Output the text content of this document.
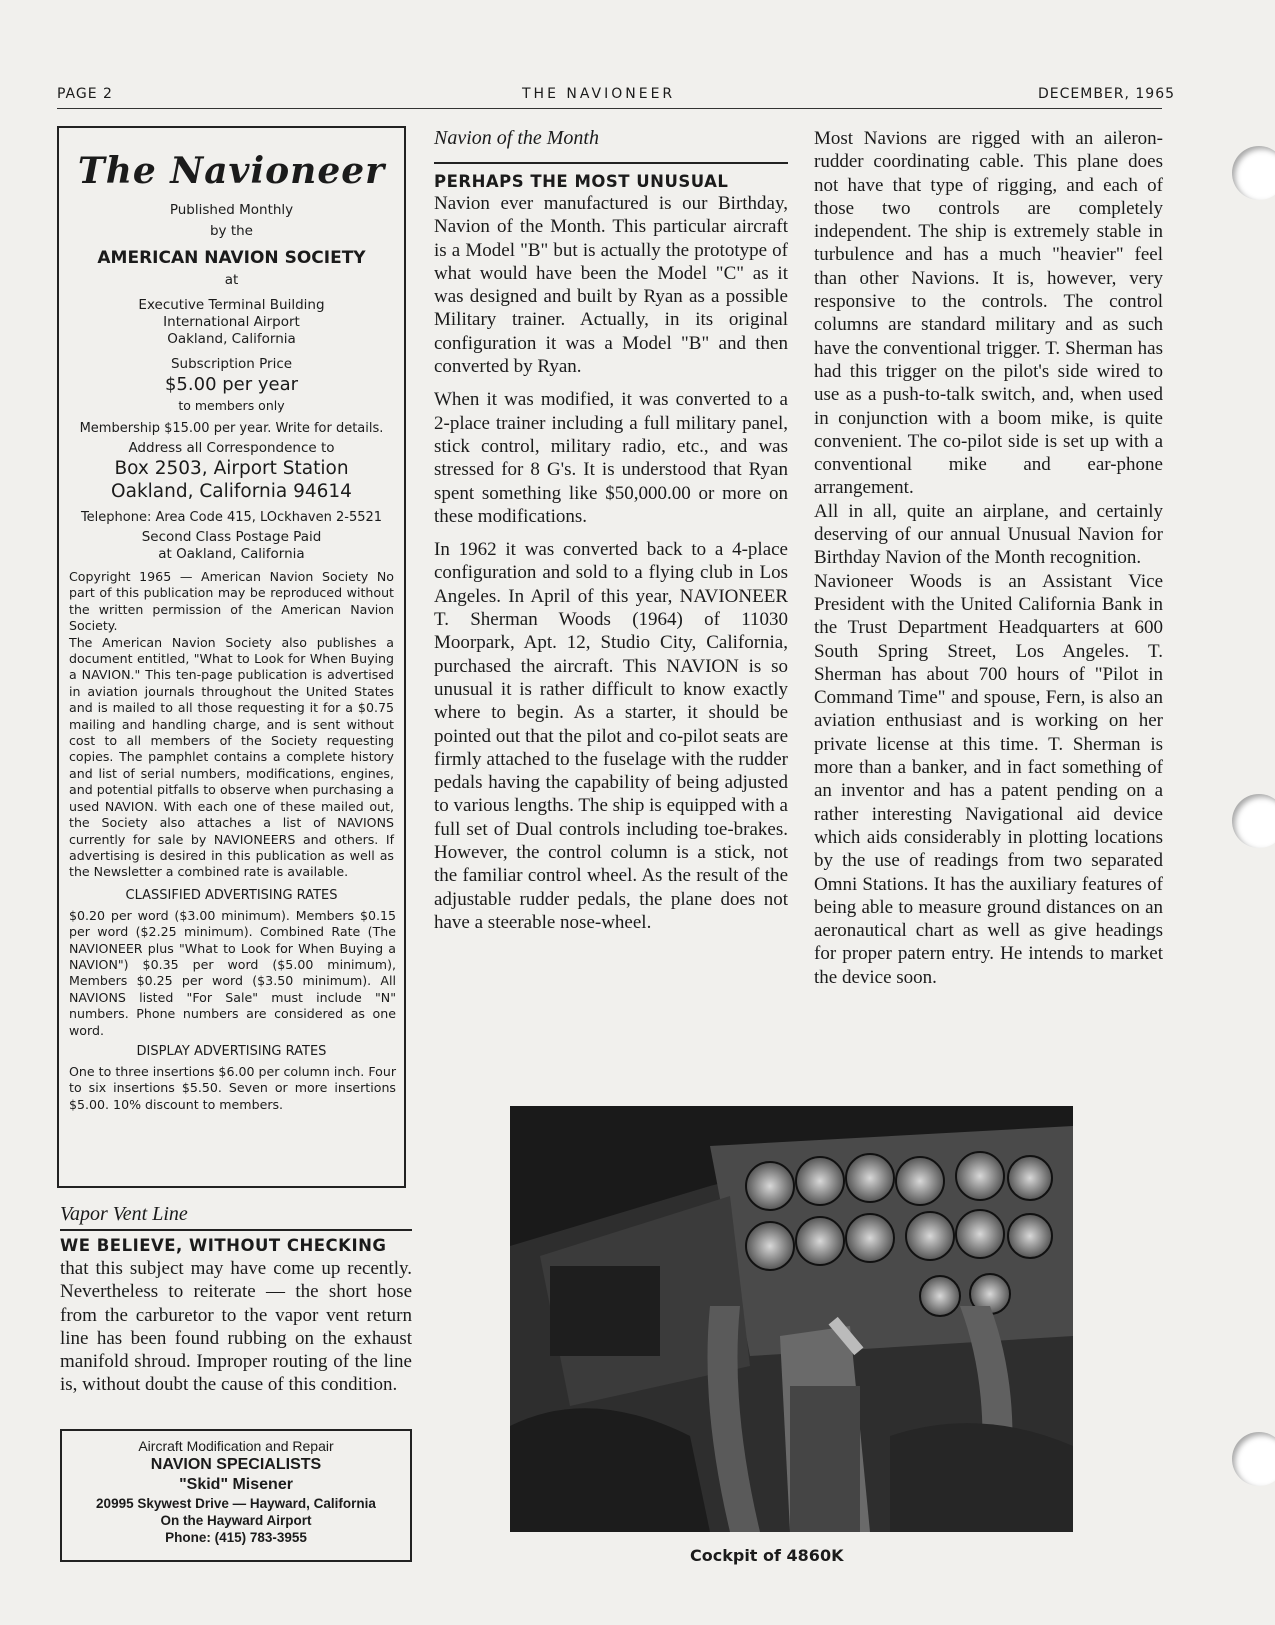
PAGE 2	THE NAVIONEER	DECEMBER, 1965
The Navioneer
Published Monthly
by the
AMERICAN NAVION SOCIETY
at
Executive Terminal Building
International Airport
Oakland, California
Subscription Price
$5.00 per year
to members only
Membership $15.00 per year. Write for details.
Address all Correspondence to
Box 2503, Airport Station
Oakland, California 94614
Telephone: Area Code 415, LOckhaven 2-5521
Second Class Postage Paid
at Oakland, California
Copyright 1965 — American Navion Society No part of this publication may be reproduced without the written permission of the American Navion Society.
The American Navion Society also publishes a document entitled, "What to Look for When Buying a NAVION." This ten-page publication is advertised in aviation journals throughout the United States and is mailed to all those requesting it for a $0.75 mailing and handling charge, and is sent without cost to all members of the Society requesting copies. The pamphlet contains a complete history and list of serial numbers, modifications, engines, and potential pitfalls to observe when purchasing a used NAVION. With each one of these mailed out, the Society also attaches a list of NAVIONS currently for sale by NAVIONEERS and others. If advertising is desired in this publication as well as the Newsletter a combined rate is available.
CLASSIFIED ADVERTISING RATES
$0.20 per word ($3.00 minimum). Members $0.15 per word ($2.25 minimum). Combined Rate (The NAVIONEER plus "What to Look for When Buying a NAVION") $0.35 per word ($5.00 minimum), Members $0.25 per word ($3.50 minimum). All NAVIONS listed "For Sale" must include "N" numbers. Phone numbers are considered as one word.
DISPLAY ADVERTISING RATES
One to three insertions $6.00 per column inch. Four to six insertions $5.50. Seven or more insertions $5.00. 10% discount to members.
Vapor Vent Line
WE BELIEVE, WITHOUT CHECKING
that this subject may have come up recently. Nevertheless to reiterate — the short hose from the carburetor to the vapor vent return line has been found rubbing on the exhaust manifold shroud. Improper routing of the line is, without doubt the cause of this condition.
Aircraft Modification and Repair
NAVION SPECIALISTS
"Skid" Misener
20995 Skywest Drive — Hayward, California
On the Hayward Airport
Phone: (415) 783-3955
Navion of the Month
PERHAPS THE MOST UNUSUAL
Navion ever manufactured is our Birthday, Navion of the Month. This particular aircraft is a Model "B" but is actually the prototype of what would have been the Model "C" as it was designed and built by Ryan as a possible Military trainer. Actually, in its original configuration it was a Model "B" and then converted by Ryan.
When it was modified, it was converted to a 2-place trainer including a full military panel, stick control, military radio, etc., and was stressed for 8 G's. It is understood that Ryan spent something like $50,000.00 or more on these modifications.
In 1962 it was converted back to a 4-place configuration and sold to a flying club in Los Angeles. In April of this year, NAVIONEER T. Sherman Woods (1964) of 11030 Moorpark, Apt. 12, Studio City, California, purchased the aircraft. This NAVION is so unusual it is rather difficult to know exactly where to begin. As a starter, it should be pointed out that the pilot and co-pilot seats are firmly attached to the fuselage with the rudder pedals having the capability of being adjusted to various lengths. The ship is equipped with a full set of Dual controls including toe-brakes. However, the control column is a stick, not the familiar control wheel. As the result of the adjustable rudder pedals, the plane does not have a steerable nose-wheel.
Most Navions are rigged with an aileron-rudder coordinating cable. This plane does not have that type of rigging, and each of those two controls are completely independent. The ship is extremely stable in turbulence and has a much "heavier" feel than other Navions. It is, however, very responsive to the controls. The control columns are standard military and as such have the conventional trigger. T. Sherman has had this trigger on the pilot's side wired to use as a push-to-talk switch, and, when used in conjunction with a boom mike, is quite convenient. The co-pilot side is set up with a conventional mike and ear-phone arrangement.
All in all, quite an airplane, and certainly deserving of our annual Unusual Navion for Birthday Navion of the Month recognition.
Navioneer Woods is an Assistant Vice President with the United California Bank in the Trust Department Headquarters at 600 South Spring Street, Los Angeles. T. Sherman has about 700 hours of "Pilot in Command Time" and spouse, Fern, is also an aviation enthusiast and is working on her private license at this time. T. Sherman is more than a banker, and in fact something of an inventor and has a patent pending on a rather interesting Navigational aid device which aids considerably in plotting locations by the use of readings from two separated Omni Stations. It has the auxiliary features of being able to measure ground distances on an aeronautical chart as well as give headings for proper patern entry. He intends to market the device soon.
Cockpit of 4860K
